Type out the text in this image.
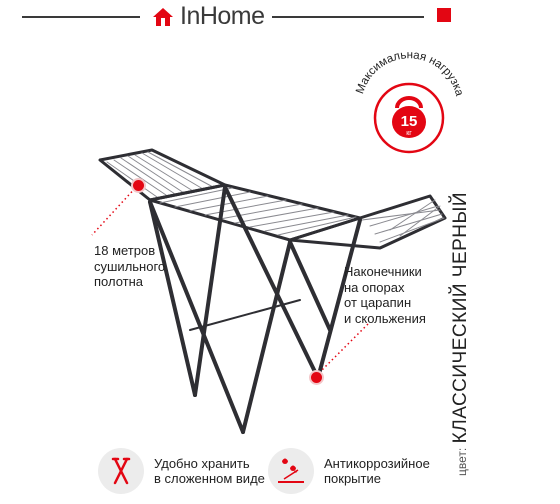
InHome
Максимальная нагрузка
15
кг
18 метров
сушильного
полотна
Наконечники
на опорах
от царапин
и скольжения
цвет: КЛАССИЧЕСКИЙ ЧЕРНЫЙ
Удобно хранить
в сложенном виде
Антикоррозийное
покрытие
